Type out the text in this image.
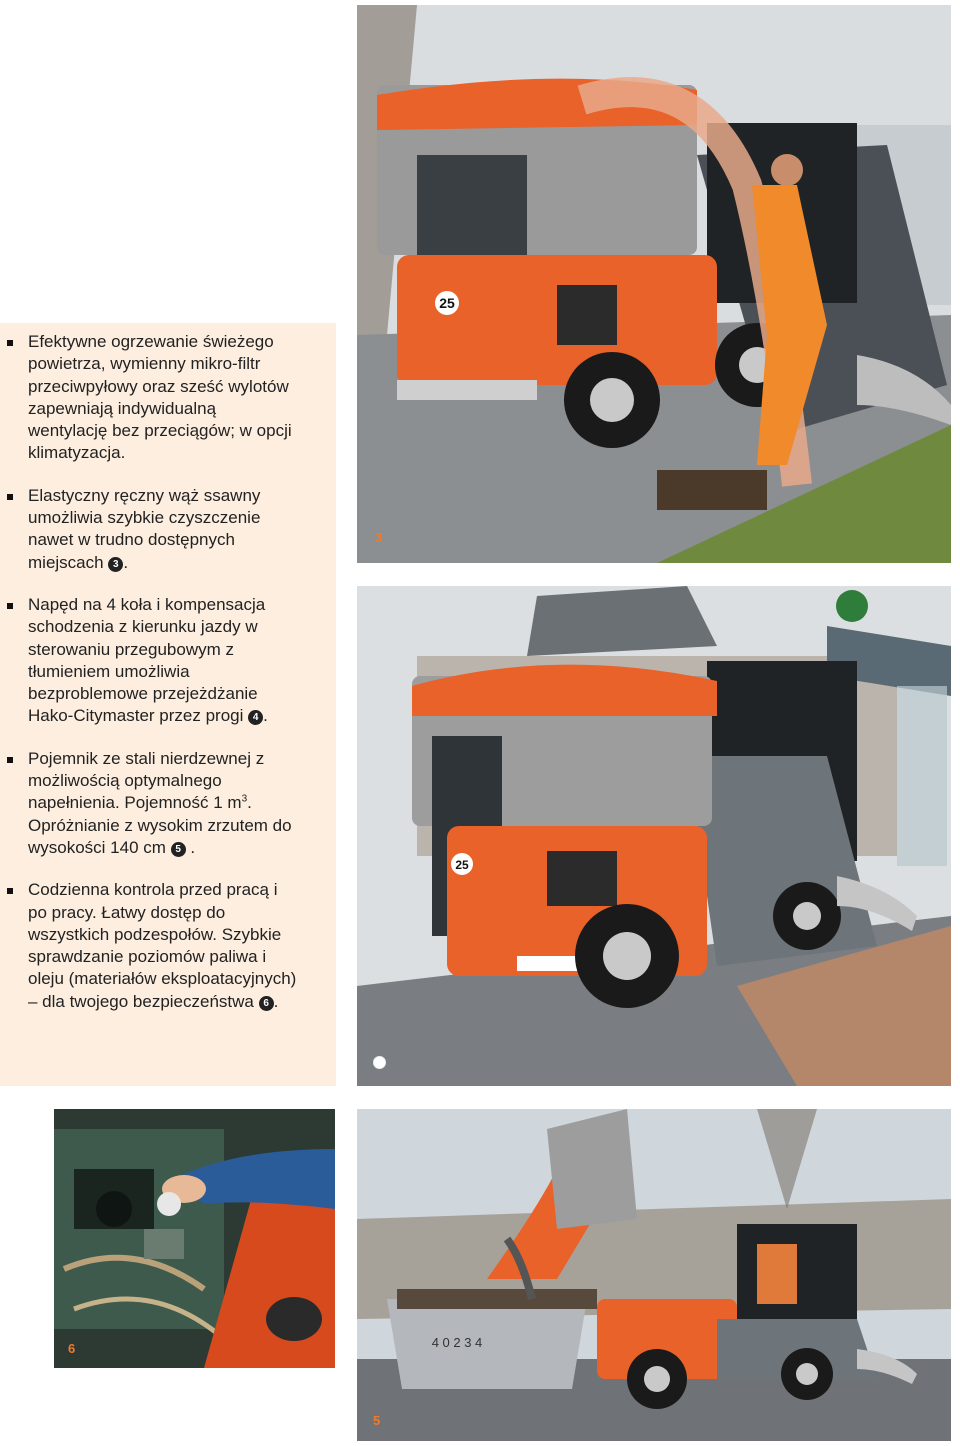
Efektywne ogrzewanie świeżego
powietrza, wymienny mikro-filtr
przeciwpyłowy oraz sześć wylotów
zapewniają indywidualną
wentylację bez przeciągów; w opcji
klimatyzacja.
Elastyczny ręczny wąż ssawny
umożliwia szybkie czyszczenie
nawet w trudno dostępnych
miejscach 3 .
Napęd na 4 koła i kompensacja
schodzenia z kierunku jazdy w
sterowaniu przegubowym z
tłumieniem umożliwia
bezproblemowe przejeżdżanie
Hako-Citymaster przez progi 4 .
Pojemnik ze stali nierdzewnej z
możliwością optymalnego
napełnienia. Pojemność 1 $m^3$.
Opróżnianie z wysokim zrzutem do
wysokości 140 cm 5 .
Codzienna kontrola przed pracą i
po pracy. Łatwy dostęp do
wszystkich podzespołów. Szybkie
sprawdzanie poziomów paliwa i
oleju (materiałów eksploatacyjnych)
– dla twojego bezpieczeństwa 6 .
25
3
25
6	4 0 2 3 4
5
